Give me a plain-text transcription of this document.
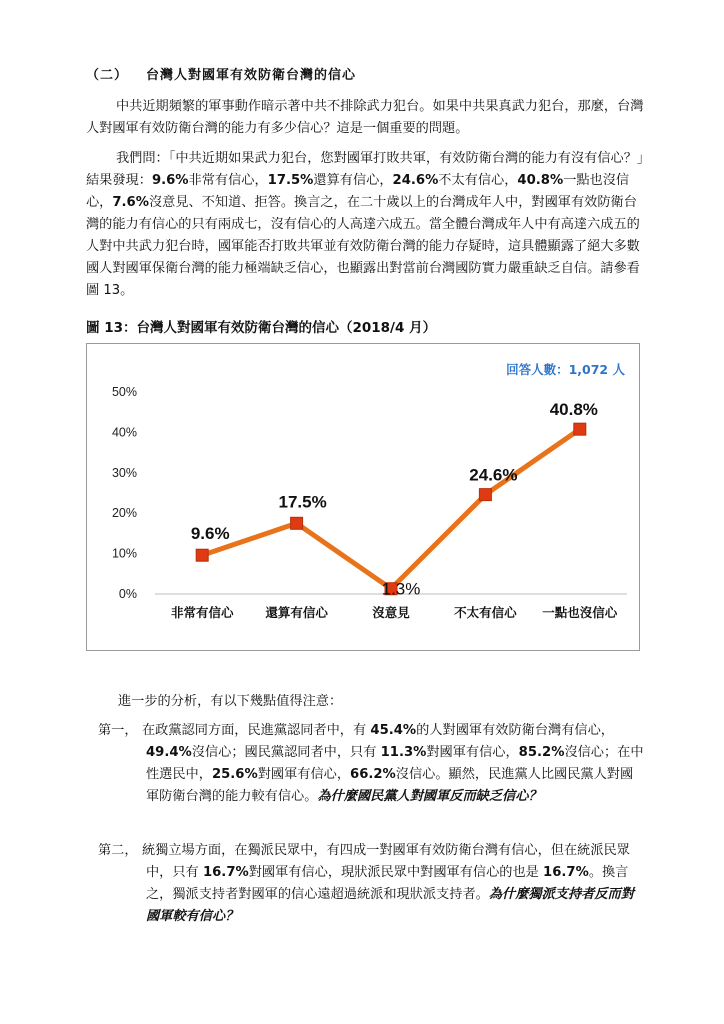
（二） 台灣人對國軍有效防衛台灣的信心

中共近期頻繁的軍事動作暗示著中共不排除武力犯台。如果中共果真武力犯台，那麼，台灣人對國軍有效防衛台灣的能力有多少信心？這是一個重要的問題。

我們問：「中共近期如果武力犯台，您對國軍打敗共軍，有效防衛台灣的能力有沒有信心？」結果發現：9.6%非常有信心，17.5%還算有信心，24.6%不太有信心，40.8%一點也沒信心，7.6%沒意見、不知道、拒答。換言之，在二十歲以上的台灣成年人中，對國軍有效防衛台灣的能力有信心的只有兩成七，沒有信心的人高達六成五。當全體台灣成年人中有高達六成五的人對中共武力犯台時，國軍能否打敗共軍並有效防衛台灣的能力存疑時，這具體顯露了絕大多數國人對國軍保衛台灣的能力極端缺乏信心，也顯露出對當前台灣國防實力嚴重缺乏自信。請參看圖 13。

圖 13：台灣人對國軍有效防衛台灣的信心（2018/4 月）
回答人數：1,072 人
0%
10%
20%
30%
40%
50%
非常有信心	還算有信心	沒意見	不太有信心 一點也沒信心
9.6%
17.5%
1.3%
24.6%
40.8%
進一步的分析，有以下幾點值得注意：
第一， 在政黨認同方面，民進黨認同者中，有 45.4%的人對國軍有效防衛台灣有信心，49.4%沒信心；國民黨認同者中，只有 11.3%對國軍有信心，85.2%沒信心；在中性選民中，25.6%對國軍有信心，66.2%沒信心。顯然，民進黨人比國民黨人對國軍防衛台灣的能力較有信心。為什麼國民黨人對國軍反而缺乏信心？
第二， 統獨立場方面，在獨派民眾中，有四成一對國軍有效防衛台灣有信心，但在統派民眾中，只有 16.7%對國軍有信心，現狀派民眾中對國軍有信心的也是 16.7%。換言之，獨派支持者對國軍的信心遠超過統派和現狀派支持者。為什麼獨派支持者反而對國軍較有信心？
